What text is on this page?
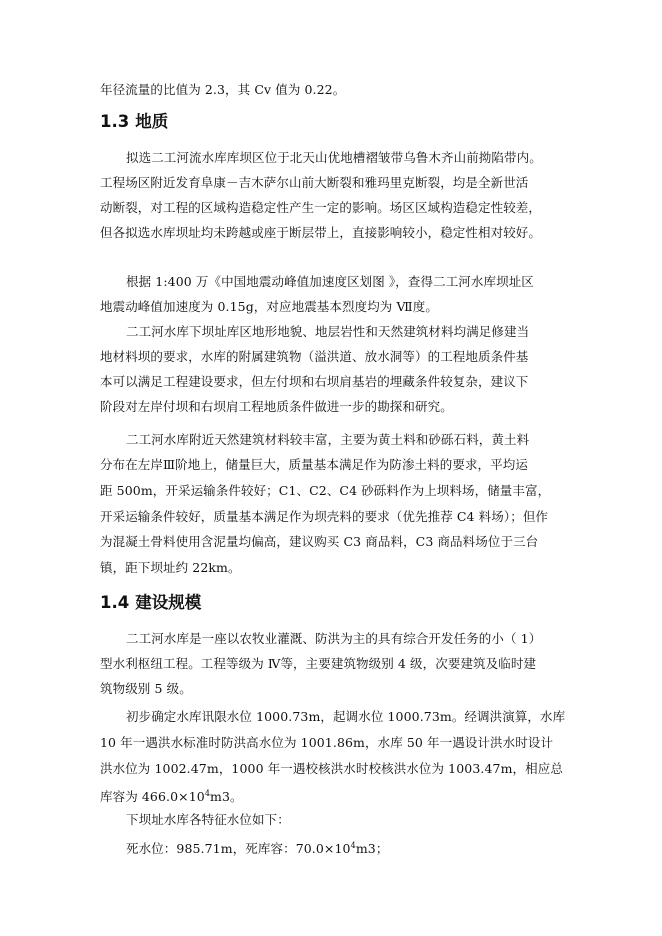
年径流量的比值为 2.3，其 Cv 值为 0.22。
1.3 地质
拟选二工河流水库库坝区位于北天山优地槽褶皱带乌鲁木齐山前拗陷带内。
工程场区附近发育阜康－吉木萨尔山前大断裂和雅玛里克断裂，均是全新世活
动断裂，对工程的区域构造稳定性产生一定的影响。场区区域构造稳定性较差，
但各拟选水库坝址均未跨越或座于断层带上，直接影响较小，稳定性相对较好。
根据 1:400 万《中国地震动峰值加速度区划图 》，查得二工河水库坝址区
地震动峰值加速度为 0.15g，对应地震基本烈度均为 Ⅶ度。
二工河水库下坝址库区地形地貌、地层岩性和天然建筑材料均满足修建当
地材料坝的要求，水库的附属建筑物（溢洪道、放水洞等）的工程地质条件基
本可以满足工程建设要求，但左付坝和右坝肩基岩的埋藏条件较复杂，建议下
阶段对左岸付坝和右坝肩工程地质条件做进一步的勘探和研究。
二工河水库附近天然建筑材料较丰富，主要为黄土料和砂砾石料，黄土料
分布在左岸Ⅲ阶地上，储量巨大，质量基本满足作为防渗土料的要求，平均运
距 500m，开采运输条件较好；C1、C2、C4 砂砾料作为上坝料场，储量丰富，
开采运输条件较好，质量基本满足作为坝壳料的要求（优先推荐 C4 料场）；但作
为混凝土骨料使用含泥量均偏高，建议购买 C3 商品料，C3 商品料场位于三台
镇，距下坝址约 22km。
1.4 建设规模
二工河水库是一座以农牧业灌溉、防洪为主的具有综合开发任务的小（ 1）
型水利枢纽工程。工程等级为 Ⅳ等，主要建筑物级别 4 级，次要建筑及临时建
筑物级别 5 级。
初步确定水库讯限水位 1000.73m，起调水位 1000.73m。经调洪演算，水库
10 年一遇洪水标准时防洪高水位为 1001.86m，水库 50 年一遇设计洪水时设计
洪水位为 1002.47m，1000 年一遇校核洪水时校核洪水位为 1003.47m，相应总
库容为 $466.0\times 10^4m3$。
下坝址水库各特征水位如下：
死水位：985.71m，死库容：$70.0\times 10^4m3$；
